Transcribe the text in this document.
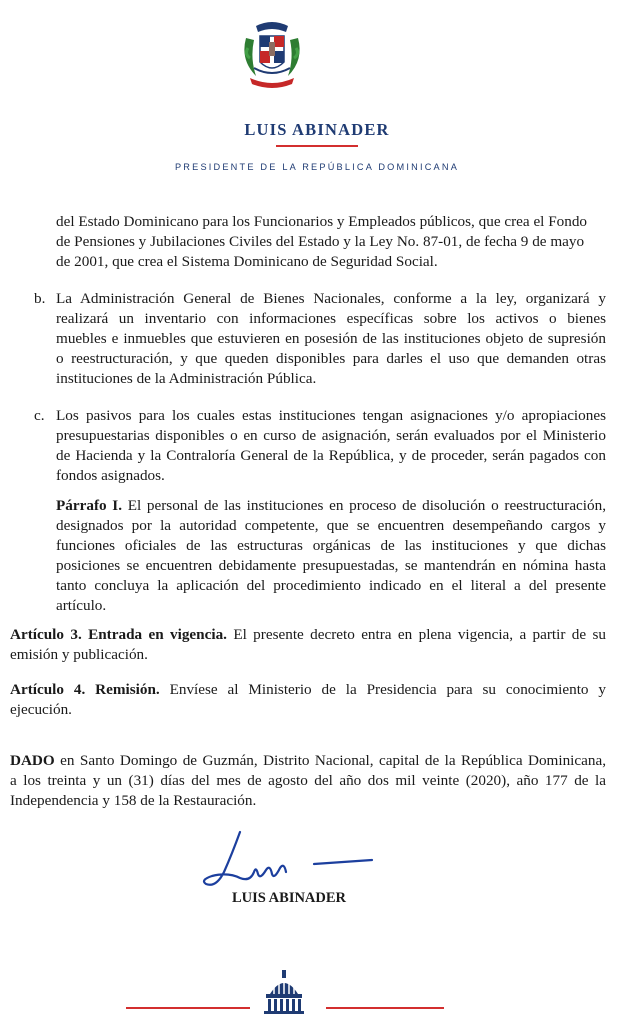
LUIS ABINADER
PRESIDENTE DE LA REPÚBLICA DOMINICANA
del Estado Dominicano para los Funcionarios y Empleados públicos, que crea el Fondo
de Pensiones y Jubilaciones Civiles del Estado y la Ley No. 87-01, de fecha 9 de mayo
de 2001, que crea el Sistema Dominicano de Seguridad Social.
b. La Administración General de Bienes Nacionales, conforme a la ley, organizará y
realizará un inventario con informaciones específicas sobre los activos o bienes
muebles e inmuebles que estuvieren en posesión de las instituciones objeto de supresión
o reestructuración, y que queden disponibles para darles el uso que demanden otras
instituciones de la Administración Pública.
c. Los pasivos para los cuales estas instituciones tengan asignaciones y/o apropiaciones
presupuestarias disponibles o en curso de asignación, serán evaluados por el Ministerio
de Hacienda y la Contraloría General de la República, y de proceder, serán pagados con
fondos asignados.
Párrafo I. El personal de las instituciones en proceso de disolución o reestructuración,
designados por la autoridad competente, que se encuentren desempeñando cargos y
funciones oficiales de las estructuras orgánicas de las instituciones y que dichas
posiciones se encuentren debidamente presupuestadas, se mantendrán en nómina hasta
tanto concluya la aplicación del procedimiento indicado en el literal a del presente
artículo.
Artículo 3. Entrada en vigencia. El presente decreto entra en plena vigencia, a partir de su
emisión y publicación.
Artículo 4. Remisión. Envíese al Ministerio de la Presidencia para su conocimiento y
ejecución.
DADO en Santo Domingo de Guzmán, Distrito Nacional, capital de la República Dominicana,
a los treinta y un (31) días del mes de agosto del año dos mil veinte (2020), año 177 de la
Independencia y 158 de la Restauración.
LUIS ABINADER
